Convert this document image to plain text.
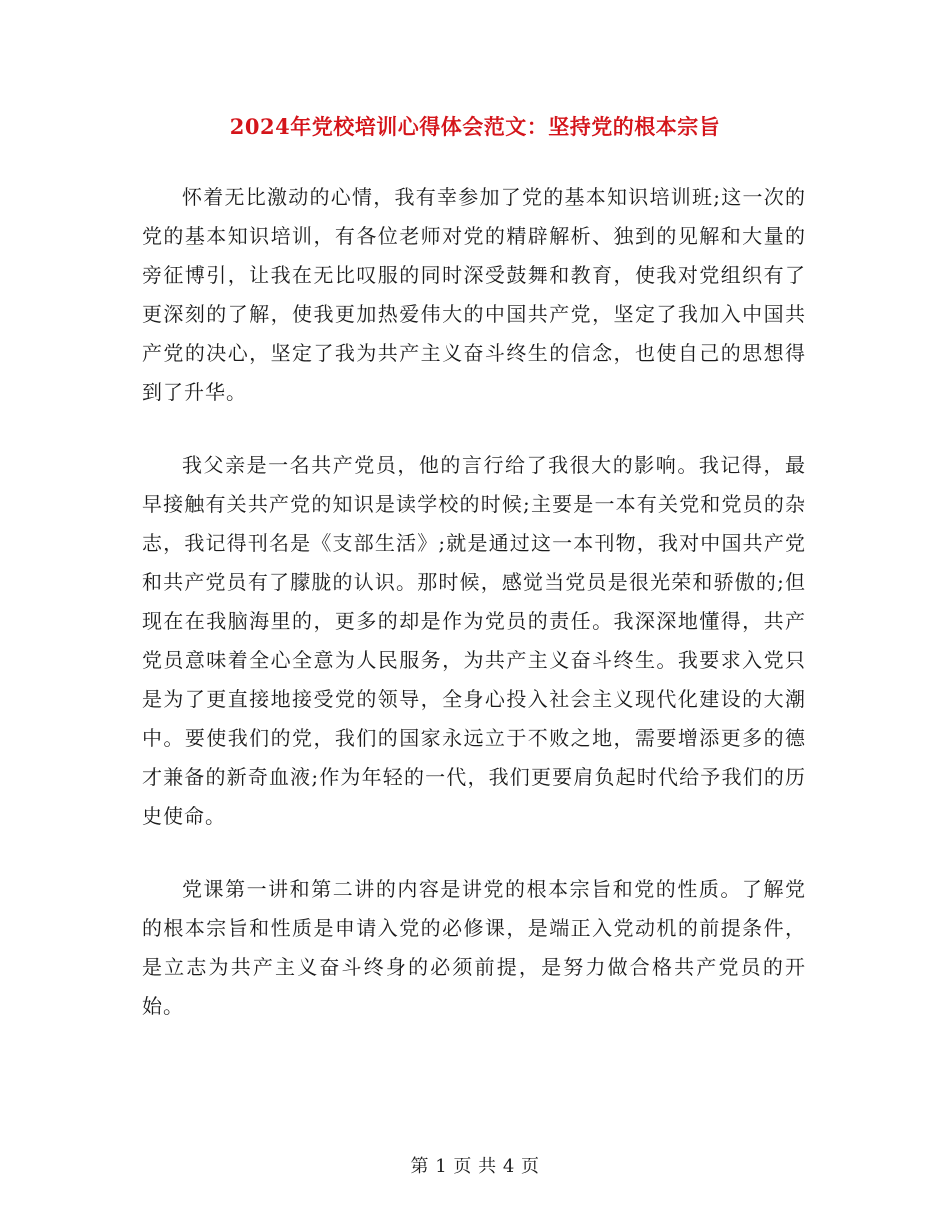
2024年党校培训心得体会范文：坚持党的根本宗旨

怀着无比激动的心情，我有幸参加了党的基本知识培训班;这一次的党的基本知识培训，有各位老师对党的精辟解析、独到的见解和大量的旁征博引，让我在无比叹服的同时深受鼓舞和教育，使我对党组织有了更深刻的了解，使我更加热爱伟大的中国共产党，坚定了我加入中国共产党的决心，坚定了我为共产主义奋斗终生的信念，也使自己的思想得到了升华。

我父亲是一名共产党员，他的言行给了我很大的影响。我记得，最早接触有关共产党的知识是读学校的时候;主要是一本有关党和党员的杂志，我记得刊名是《支部生活》;就是通过这一本刊物，我对中国共产党和共产党员有了朦胧的认识。那时候，感觉当党员是很光荣和骄傲的;但现在在我脑海里的，更多的却是作为党员的责任。我深深地懂得，共产党员意味着全心全意为人民服务，为共产主义奋斗终生。我要求入党只是为了更直接地接受党的领导，全身心投入社会主义现代化建设的大潮中。要使我们的党，我们的国家永远立于不败之地，需要增添更多的德才兼备的新奇血液;作为年轻的一代，我们更要肩负起时代给予我们的历史使命。

党课第一讲和第二讲的内容是讲党的根本宗旨和党的性质。了解党的根本宗旨和性质是申请入党的必修课，是端正入党动机的前提条件，是立志为共产主义奋斗终身的必须前提，是努力做合格共产党员的开始。

第 1 页 共 4 页
